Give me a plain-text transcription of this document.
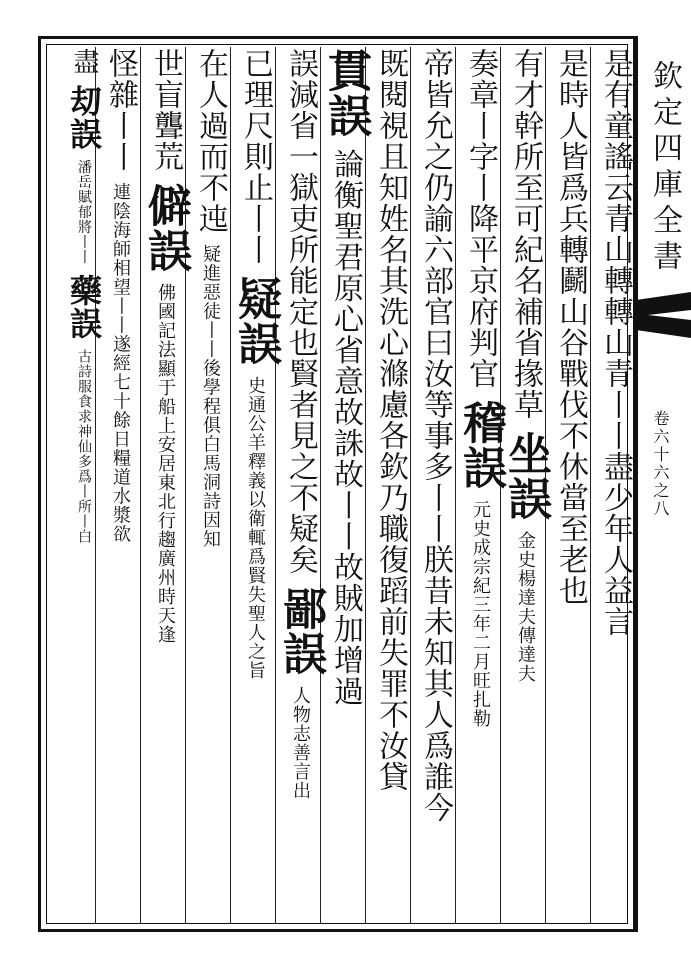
欽定四庫全書
卷六十六之八
是有童謠云青山轉轉山青丨丨盡少年人益言
是時人皆爲兵轉鬬山谷戰伐不休當至老也
有才幹所至可紀名補省掾草 坐誤 金史楊達夫傳達夫
奏章丨字丨降平京府判官 稽誤 元史成宗紀三年二月旺扎勒
帝皆允之仍諭六部官曰汝等事多丨丨朕昔未知其人爲誰今
既閱視且知姓名其洗心滌慮各欽乃職復蹈前失罪不汝貸
貫誤 論衡聖君原心省意故誅故丨丨故賊加增過
誤減省一獄吏所能定也賢者見之不疑矣 鄙誤 人物志善言出
已理尺則止丨丨 疑誤 史通公羊釋義以衛輒爲賢失聖人之旨
在人過而不迍 疑進惡徒丨丨後學程俱白馬洞詩因知
世盲聾荒 僻誤 佛國記法顯于船上安居東北行趨廣州時天逢
怪雜丨丨 連陰海師相望丨丨遂經七十餘日糧道水漿欲
盡 刧誤 潘岳賦郁將丨丨 藥誤 古詩服食求神仙多爲丨所丨白
